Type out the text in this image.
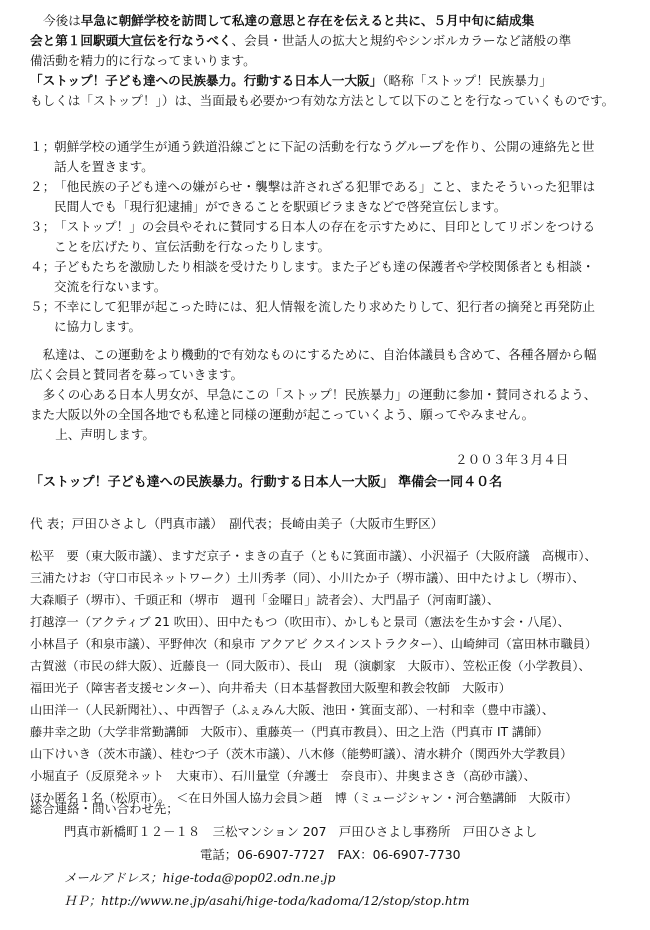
今後は早急に朝鮮学校を訪問して私達の意思と存在を伝えると共に、５月中旬に結成集
会と第１回駅頭大宣伝を行なうべく、会員・世話人の拡大と規約やシンボルカラーなど諸般の準
備活動を精力的に行なってまいります。
「ストップ！子ども達への民族暴力。行動する日本人一大阪」（略称「ストップ！民族暴力」
もしくは「ストップ！」）は、当面最も必要かつ有効な方法として以下のことを行なっていくものです。
１；
朝鮮学校の通学生が通う鉄道沿線ごとに下記の活動を行なうグループを作り、公開の連絡先と世
話人を置きます。
２；
「他民族の子ども達への嫌がらせ・襲撃は許されざる犯罪である」こと、またそういった犯罪は
民間人でも「現行犯逮捕」ができることを駅頭ビラまきなどで啓発宣伝します。
３；
「ストップ！」の会員やそれに賛同する日本人の存在を示すために、目印としてリボンをつける
ことを広げたり、宣伝活動を行なったりします。
４；
子どもたちを激励したり相談を受けたりします。また子ども達の保護者や学校関係者とも相談・
交流を行ないます。
５；
不幸にして犯罪が起こった時には、犯人情報を流したり求めたりして、犯行者の摘発と再発防止
に協力します。
　私達は、この運動をより機動的で有効なものにするために、自治体議員も含めて、各種各層から幅
広く会員と賛同者を募っていきます。
　多くの心ある日本人男女が、早急にこの「ストップ！民族暴力」の運動に参加・賛同されるよう、
また大阪以外の全国各地でも私達と同様の運動が起こっていくよう、願ってやみません。
　　上、声明します。
２００３年３月４日
「ストップ！子ども達への民族暴力。行動する日本人一大阪」 準備会一同４０名
代 表；戸田ひさよし（門真市議）　副代表；長崎由美子（大阪市生野区）
松平　要（東大阪市議）、ますだ京子・まきの直子（ともに箕面市議）、小沢福子（大阪府議　高槻市）、
三浦たけお（守口市民ネットワーク）土川秀孝（同）、小川たか子（堺市議）、田中たけよし（堺市）、
大森順子（堺市）、千頭正和（堺市　週刊「金曜日」読者会）、大門晶子（河南町議）、
打越淳一（アクティブ 21 吹田）、田中たもつ（吹田市）、かしもと景司（憲法を生かす会・八尾）、
小林昌子（和泉市議）、平野伸次（和泉市 アクアビ クスインストラクター）、山崎紳司（富田林市職員）
古賀滋（市民の絆大阪）、近藤良一（同大阪市）、長山　現（演劇家　大阪市）、笠松正俊（小学教員）、
福田光子（障害者支援センター）、向井希夫（日本基督教団大阪聖和教会牧師　大阪市）
山田洋一（人民新聞社）、、中西智子（ふぇみん大阪、池田・箕面支部）、一村和幸（豊中市議）、
藤井幸之助（大学非常勤講師　大阪市）、重藤英一（門真市教員）、田之上浩（門真市 IT 講師）
山下けいき（茨木市議）、桂むつ子（茨木市議）、八木修（能勢町議）、清水耕介（関西外大学教員）
小堀直子（反原発ネット　大東市）、石川量堂（弁護士　奈良市）、井奥まさき（高砂市議）、
ほか匿名１名（松原市）。　＜在日外国人協力会員＞趙　博（ミュージシャン・河合塾講師　大阪市）
総合連絡・問い合わせ先；
門真市新橋町１２－１８　三松マンション 207　戸田ひさよし事務所　戸田ひさよし
電話；06-6907-7727　FAX：06-6907-7730
メールアドレス；hige-toda@pop02.odn.ne.jp
ＨＰ；http://www.ne.jp/asahi/hige-toda/kadoma/12/stop/stop.htm
